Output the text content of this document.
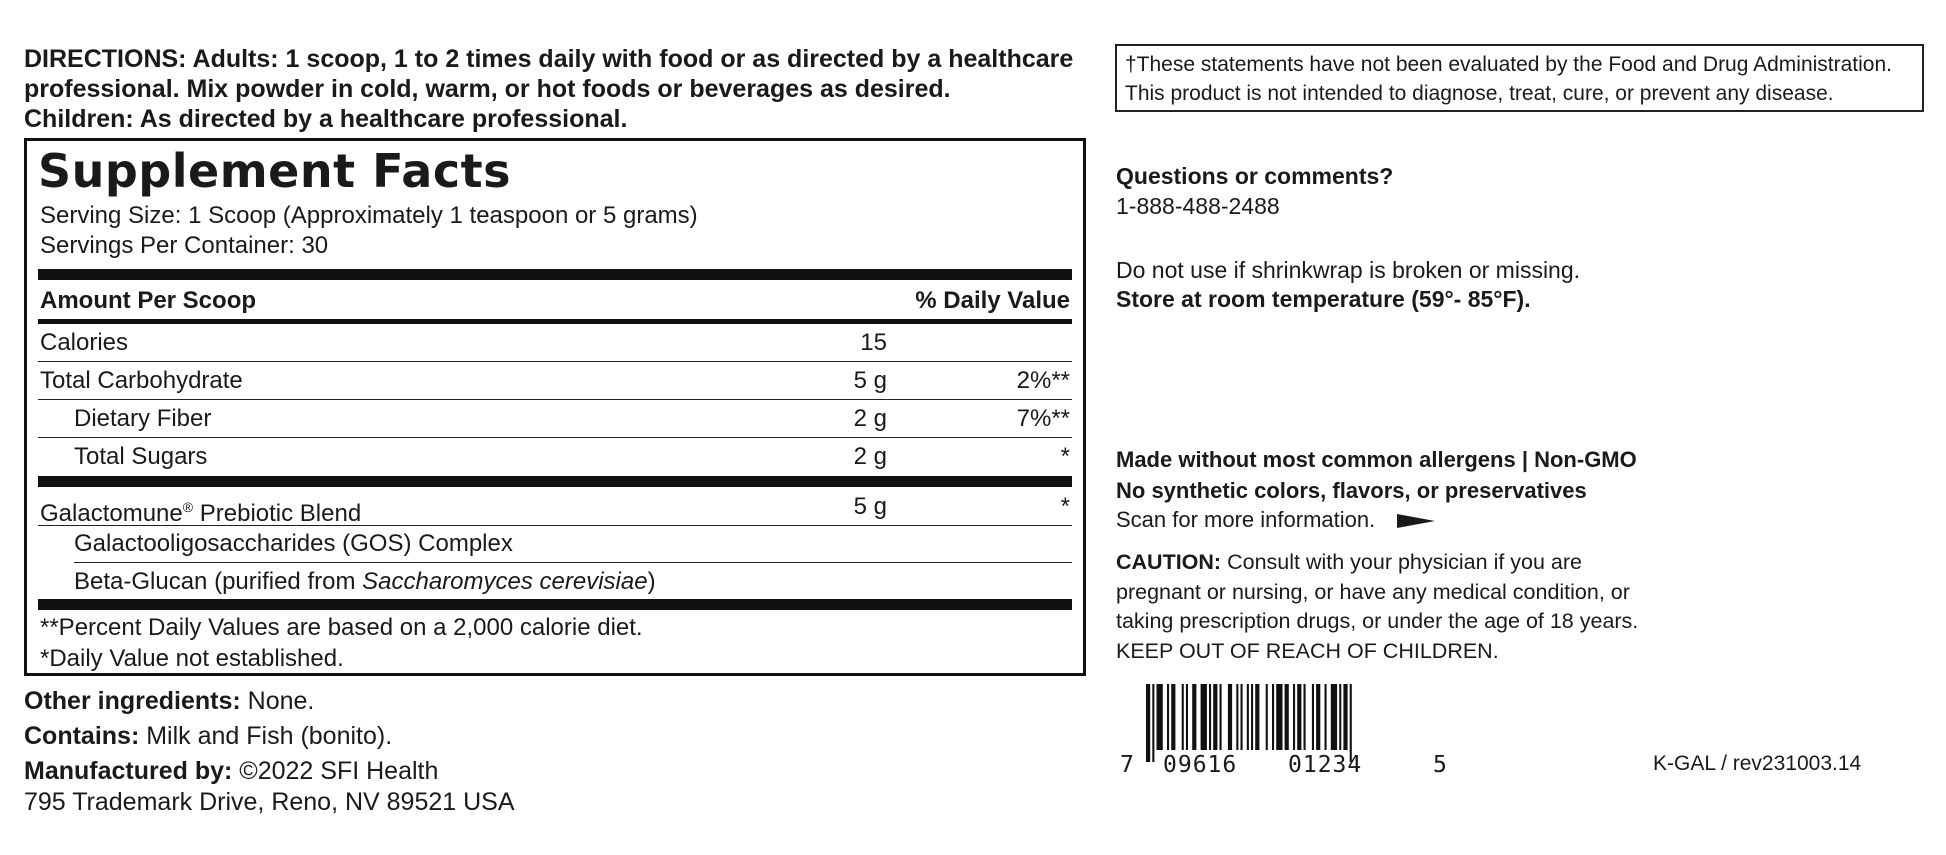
DIRECTIONS: Adults: 1 scoop, 1 to 2 times daily with food or as directed by a healthcare
professional. Mix powder in cold, warm, or hot foods or beverages as desired.
Children: As directed by a healthcare professional.
Supplement Facts
Serving Size: 1 Scoop (Approximately 1 teaspoon or 5 grams)
Servings Per Container: 30
Amount Per Scoop	% Daily Value
Calories	15
Total Carbohydrate	5 g	2%**
Dietary Fiber	2 g	7%**
Total Sugars	2 g	*
Galactomune® Prebiotic Blend	5 g	*
Galactooligosaccharides (GOS) Complex
Beta-Glucan (purified from Saccharomyces cerevisiae)
**Percent Daily Values are based on a 2,000 calorie diet.
*Daily Value not established.
Other ingredients: None.
Contains: Milk and Fish (bonito).
Manufactured by: ©2022 SFI Health
795 Trademark Drive, Reno, NV 89521 USA
†These statements have not been evaluated by the Food and Drug Administration.
This product is not intended to diagnose, treat, cure, or prevent any disease.
Questions or comments?
1-888-488-2488
Do not use if shrinkwrap is broken or missing.
Store at room temperature (59°- 85°F).
Made without most common allergens | Non-GMO
No synthetic colors, flavors, or preservatives
Scan for more information.
CAUTION: Consult with your physician if you are
pregnant or nursing, or have any medical condition, or
taking prescription drugs, or under the age of 18 years.
KEEP OUT OF REACH OF CHILDREN.
7 09616 01234	5	K-GAL / rev231003.14
